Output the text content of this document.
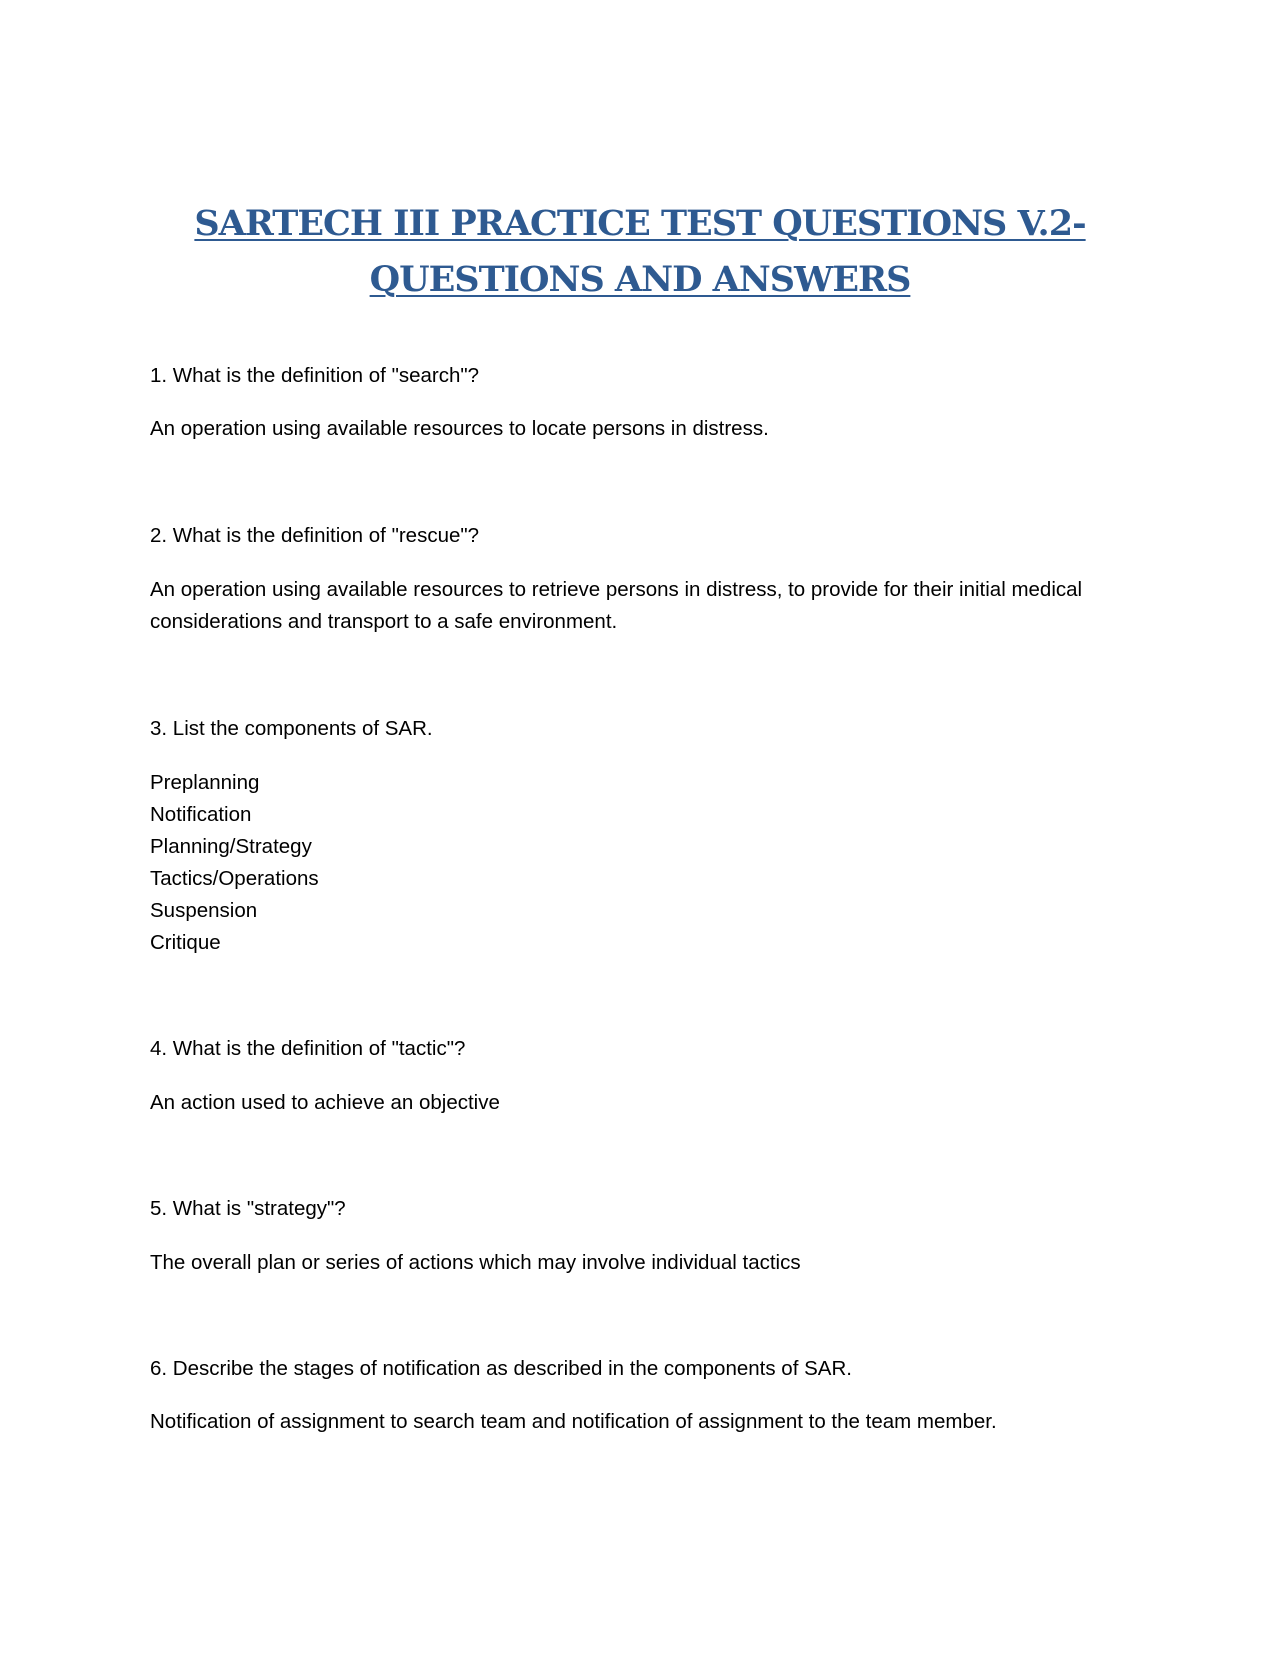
SARTECH III PRACTICE TEST QUESTIONS V.2-
QUESTIONS AND ANSWERS

1. What is the definition of "search"?

An operation using available resources to locate persons in distress.

2. What is the definition of "rescue"?

An operation using available resources to retrieve persons in distress, to provide for their initial medical considerations and transport to a safe environment.

3. List the components of SAR.

Preplanning
Notification
Planning/Strategy
Tactics/Operations
Suspension
Critique

4. What is the definition of "tactic"?

An action used to achieve an objective

5. What is "strategy"?

The overall plan or series of actions which may involve individual tactics

6. Describe the stages of notification as described in the components of SAR.

Notification of assignment to search team and notification of assignment to the team member.
